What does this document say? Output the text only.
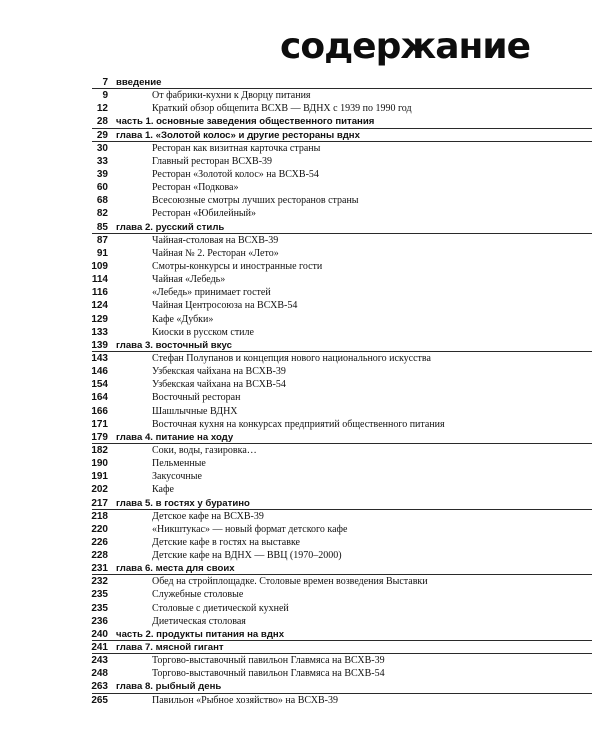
содержание
7 введение
9	От фабрики-кухни к Дворцу питания
12	Краткий обзор общепита ВСХВ — ВДНХ с 1939 по 1990 год
28 часть 1. основные заведения общественного питания
29 глава 1. «Золотой колос» и другие рестораны вднх
30	Ресторан как визитная карточка страны
33	Главный ресторан ВСХВ-39
39	Ресторан «Золотой колос» на ВСХВ-54
60	Ресторан «Подкова»
68	Всесоюзные смотры лучших ресторанов страны
82	Ресторан «Юбилейный»
85 глава 2. русский стиль
87	Чайная-столовая на ВСХВ-39
91	Чайная № 2. Ресторан «Лето»
109	Смотры-конкурсы и иностранные гости
114	Чайная «Лебедь»
116	«Лебедь» принимает гостей
124	Чайная Центросоюза на ВСХВ-54
129	Кафе «Дубки»
133	Киоски в русском стиле
139 глава 3. восточный вкус
143	Стефан Полупанов и концепция нового национального искусства
146	Узбекская чайхана на ВСХВ-39
154	Узбекская чайхана на ВСХВ-54
164	Восточный ресторан
166	Шашлычные ВДНХ
171	Восточная кухня на конкурсах предприятий общественного питания
179 глава 4. питание на ходу
182	Соки, воды, газировка…
190	Пельменные
191	Закусочные
202	Кафе
217 глава 5. в гостях у буратино
218	Детское кафе на ВСХВ-39
220	«Никштукас» — новый формат детского кафе
226	Детские кафе в гостях на выставке
228	Детские кафе на ВДНХ — ВВЦ (1970–2000)
231 глава 6. места для своих
232	Обед на стройплощадке. Столовые времен возведения Выставки
235	Служебные столовые
235	Столовые с диетической кухней
236	Диетическая столовая
240 часть 2. продукты питания на вднх
241 глава 7. мясной гигант
243	Торгово-выставочный павильон Главмяса на ВСХВ-39
248	Торгово-выставочный павильон Главмяса на ВСХВ-54
263 глава 8. рыбный день
265	Павильон «Рыбное хозяйство» на ВСХВ-39
